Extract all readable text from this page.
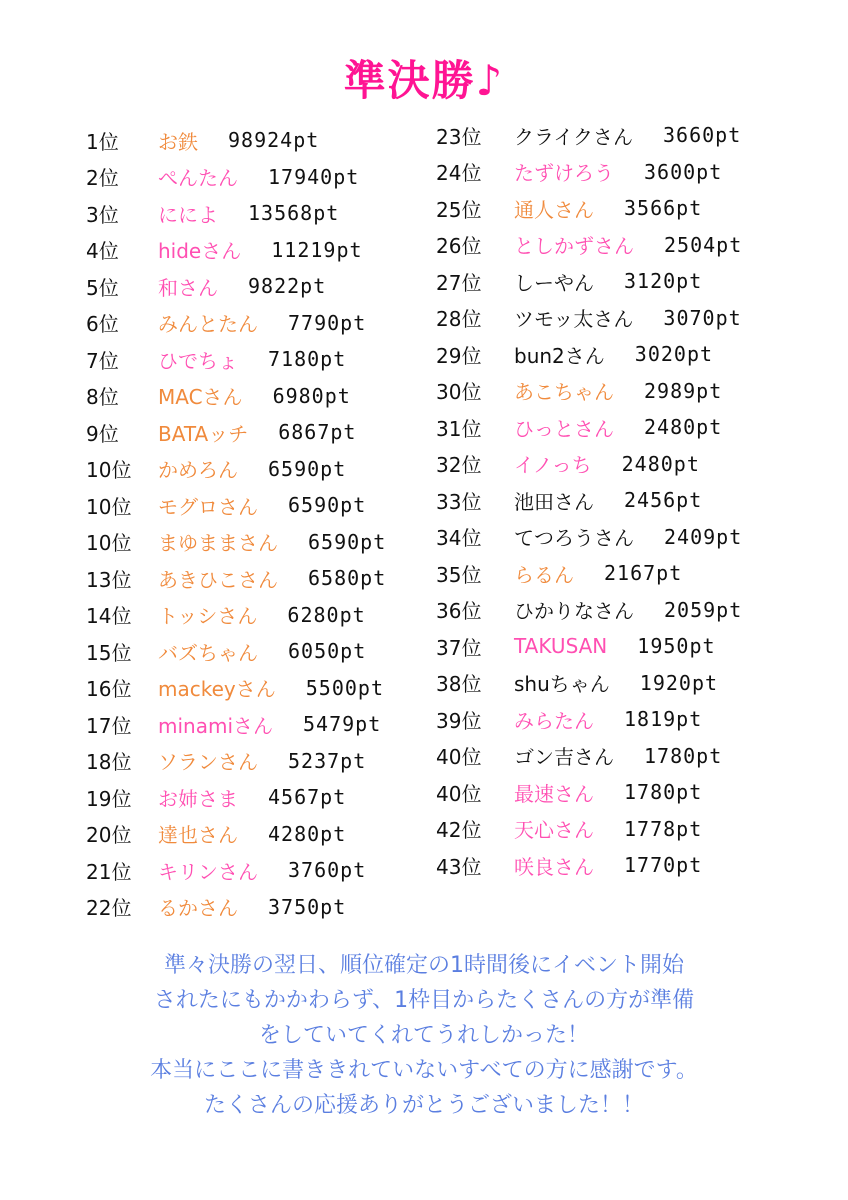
準決勝♪
1位	お鉄 98924pt
2位	ぺんたん 17940pt
3位	にによ 13568pt
4位	hideさん 11219pt
5位	和さん 9822pt
6位	みんとたん 7790pt
7位	ひでちょ 7180pt
8位	MACさん 6980pt
9位	BATAッチ 6867pt
10位	かめろん 6590pt
10位	モグロさん 6590pt
10位	まゆままさん 6590pt
13位	あきひこさん 6580pt
14位	トッシさん 6280pt
15位	バズちゃん 6050pt
16位	mackeyさん 5500pt
17位	minamiさん 5479pt
18位	ソランさん 5237pt
19位	お姉さま 4567pt
20位	達也さん 4280pt
21位	キリンさん 3760pt
22位	るかさん 3750pt
23位	クライクさん 3660pt
24位	たずけろう 3600pt
25位	通人さん 3566pt
26位	としかずさん 2504pt
27位	しーやん 3120pt
28位	ツモッ太さん 3070pt
29位	bun2さん 3020pt
30位	あこちゃん 2989pt
31位	ひっとさん 2480pt
32位	イノっち 2480pt
33位	池田さん 2456pt
34位	てつろうさん 2409pt
35位	らるん 2167pt
36位	ひかりなさん 2059pt
37位	TAKUSAN 1950pt
38位	shuちゃん 1920pt
39位	みらたん 1819pt
40位	ゴン吉さん 1780pt
40位	最速さん 1780pt
42位	天心さん 1778pt
43位	咲良さん 1770pt
準々決勝の翌日、順位確定の1時間後にイベント開始
されたにもかかわらず、1枠目からたくさんの方が準備
をしていてくれてうれしかった！
本当にここに書ききれていないすべての方に感謝です。
たくさんの応援ありがとうございました！！
